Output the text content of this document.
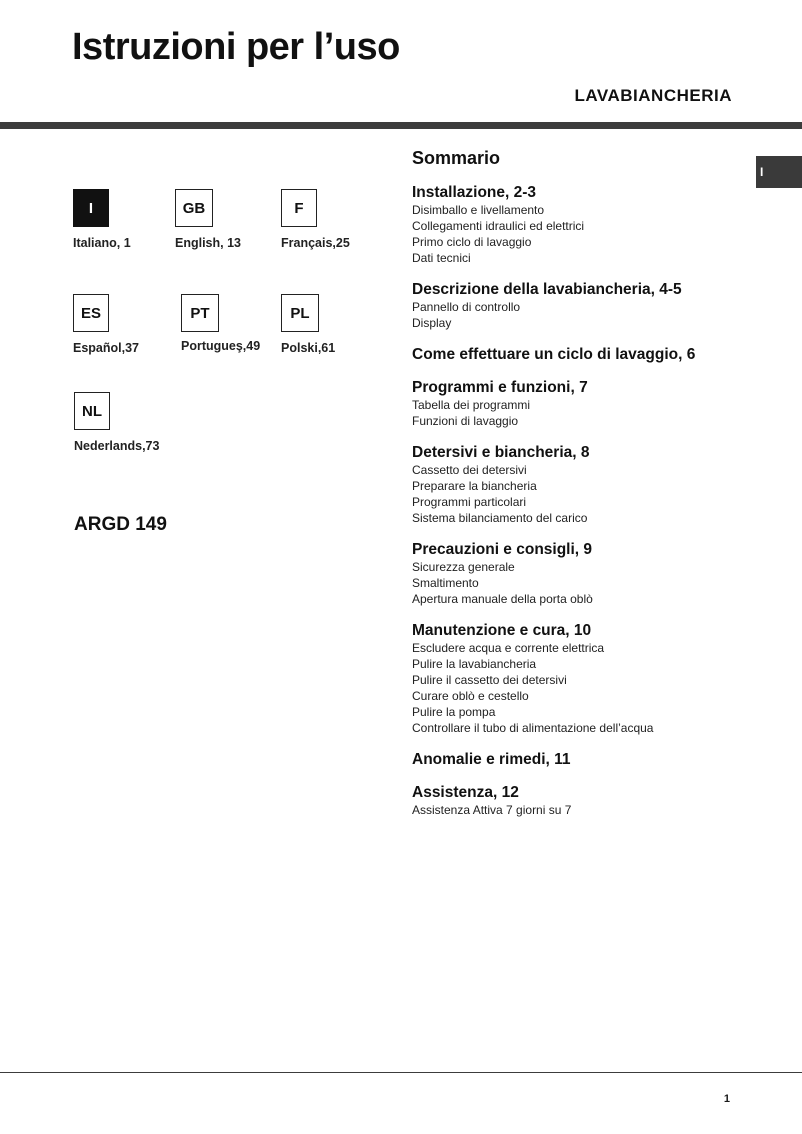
Istruzioni per l’uso
LAVABIANCHERIA
I
I
Italiano, 1
GB
English, 13
F
Français,25
ES
Español,37
PT
Portugueş,49
PL
Polski,61
NL
Nederlands,73
ARGD 149
Sommario
Installazione, 2-3
Disimballo e livellamento
Collegamenti idraulici ed elettrici
Primo ciclo di lavaggio
Dati tecnici
Descrizione della lavabiancheria, 4-5
Pannello di controllo
Display
Come effettuare un ciclo di lavaggio, 6
Programmi e funzioni, 7
Tabella dei programmi
Funzioni di lavaggio
Detersivi e biancheria, 8
Cassetto dei detersivi
Preparare la biancheria
Programmi particolari
Sistema bilanciamento del carico
Precauzioni e consigli, 9
Sicurezza generale
Smaltimento
Apertura manuale della porta oblò
Manutenzione e cura, 10
Escludere acqua e corrente elettrica
Pulire la lavabiancheria
Pulire il cassetto dei detersivi
Curare oblò e cestello
Pulire la pompa
Controllare il tubo di alimentazione dell’acqua
Anomalie e rimedi, 11
Assistenza, 12
Assistenza Attiva 7 giorni su 7
1
